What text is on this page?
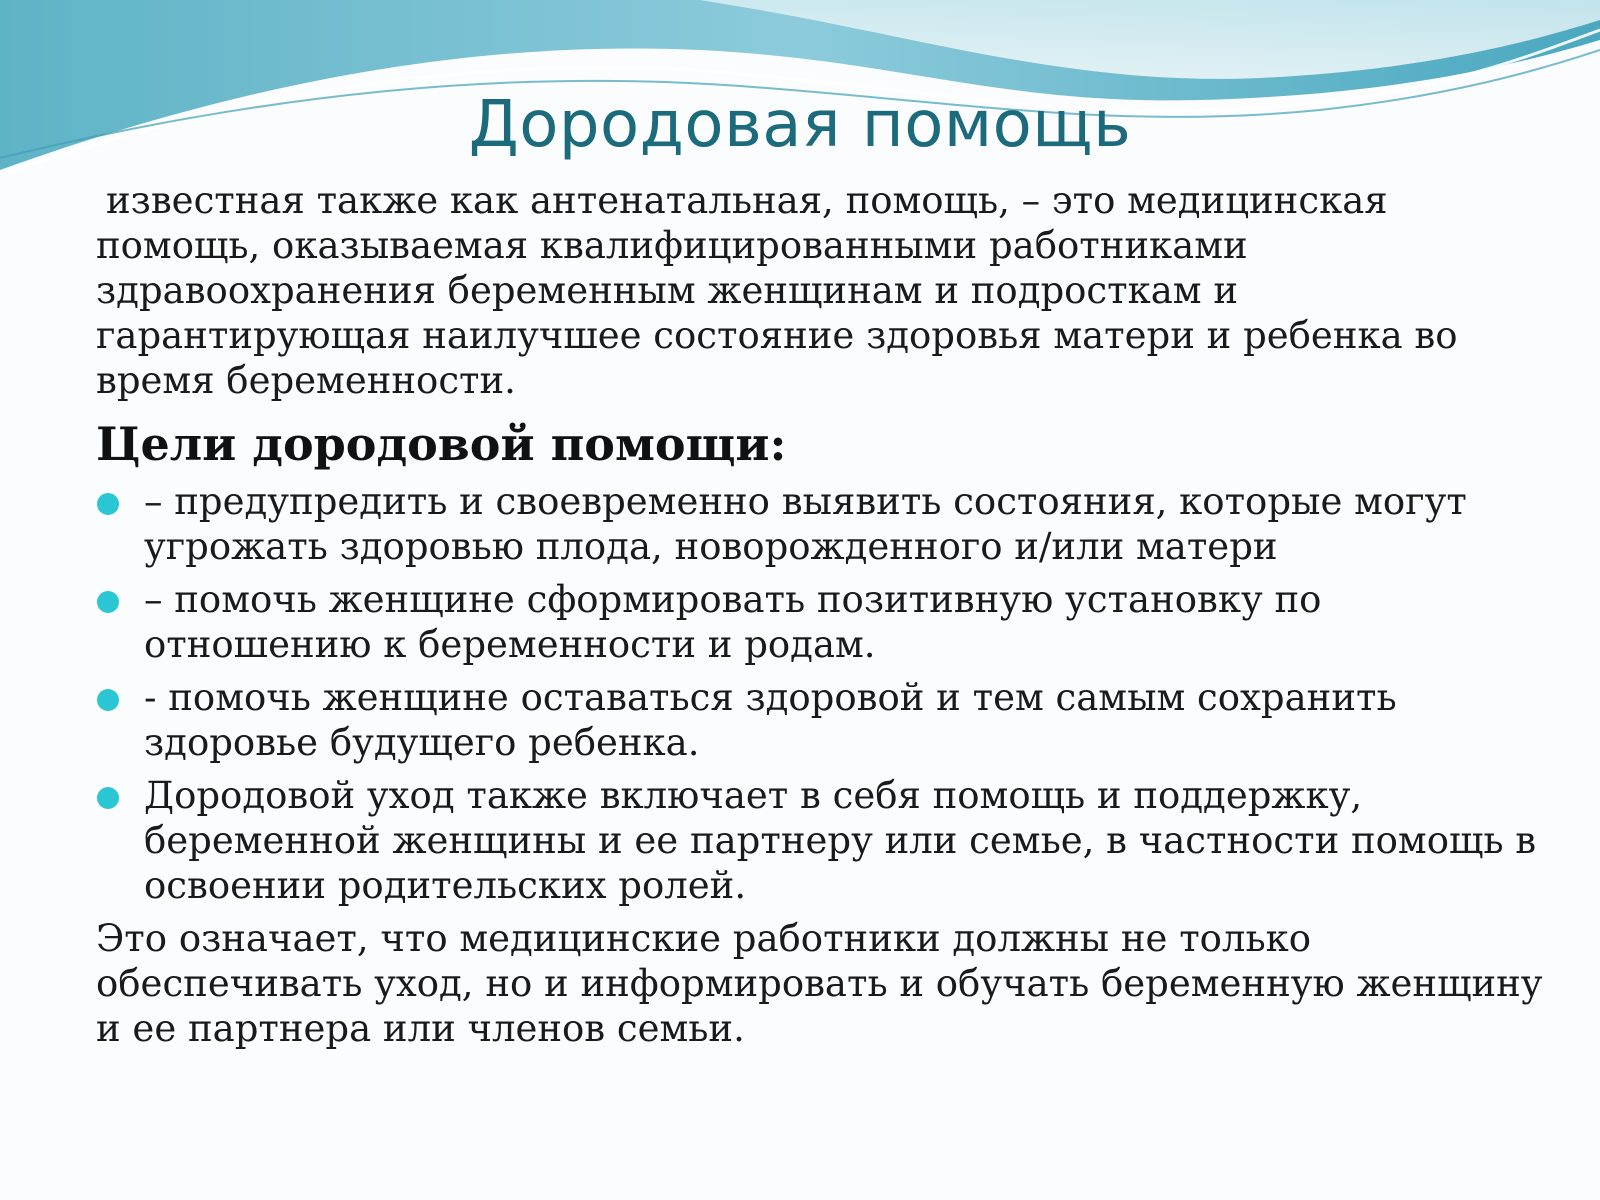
Дородовая помощь

известная также как антенатальная, помощь, – это медицинская помощь, оказываемая квалифицированными работниками здравоохранения беременным женщинам и подросткам и гарантирующая наилучшее состояние здоровья матери и ребенка во время беременности.

Цели дородовой помощи:
– предупредить и своевременно выявить состояния, которые могут угрожать здоровью плода, новорожденного и/или матери
– помочь женщине сформировать позитивную установку по отношению к беременности и родам.
- помочь женщине оставаться здоровой и тем самым сохранить здоровье будущего ребенка.
Дородовой уход также включает в себя помощь и поддержку, беременной женщины и ее партнеру или семье, в частности помощь в освоении родительских ролей.

Это означает, что медицинские работники должны не только обеспечивать уход, но и информировать и обучать беременную женщину и ее партнера или членов семьи.
